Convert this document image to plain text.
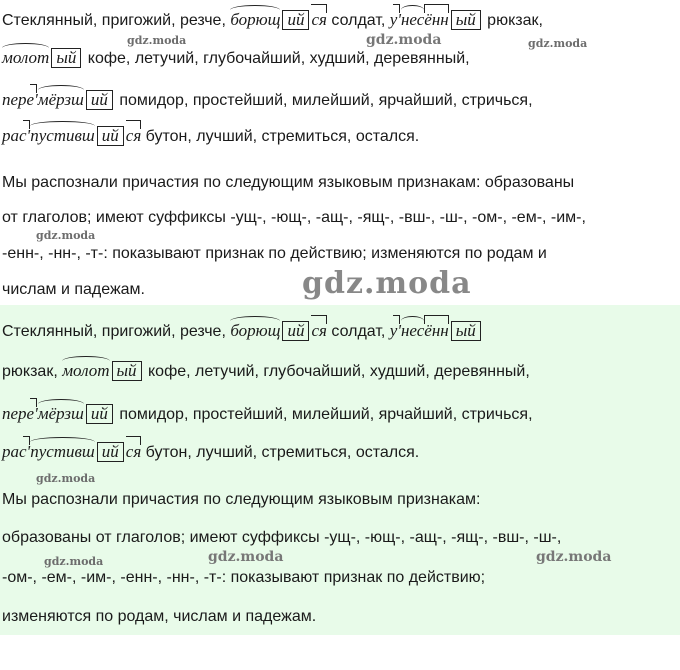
Стеклянный, пригожий, резче, борющ ий ся солдат, у'несённ ый рюкзак,
молот ый кофе, летучий, глубочайший, худший, деревянный,
пере'мёрзш ий помидор, простейший, милейший, ярчайший, стричься,
рас'пустивш ий ся бутон, лучший, стремиться, остался.
Мы распознали причастия по следующим языковым признакам: образованы
от глаголов; имеют суффиксы -ущ-, -ющ-, -ащ-, -ящ-, -вш-, -ш-, -ом-, -ем-, -им-,
-енн-, -нн-, -т-: показывают признак по действию; изменяются по родам и
числам и падежам.
gdz.moda	gdz.moda	gdz.moda
gdz.moda
gdz.moda
Стеклянный, пригожий, резче, борющ ий ся солдат, у'несённ ый
рюкзак, молот ый кофе, летучий, глубочайший, худший, деревянный,
пере'мёрзш ий помидор, простейший, милейший, ярчайший, стричься,
рас'пустивш ий ся бутон, лучший, стремиться, остался.
Мы распознали причастия по следующим языковым признакам:
образованы от глаголов; имеют суффиксы -ущ-, -ющ-, -ащ-, -ящ-, -вш-, -ш-,
-ом-, -ем-, -им-, -енн-, -нн-, -т-: показывают признак по действию;
изменяются по родам, числам и падежам.
gdz.moda
gdz.moda	gdz.moda	gdz.moda
